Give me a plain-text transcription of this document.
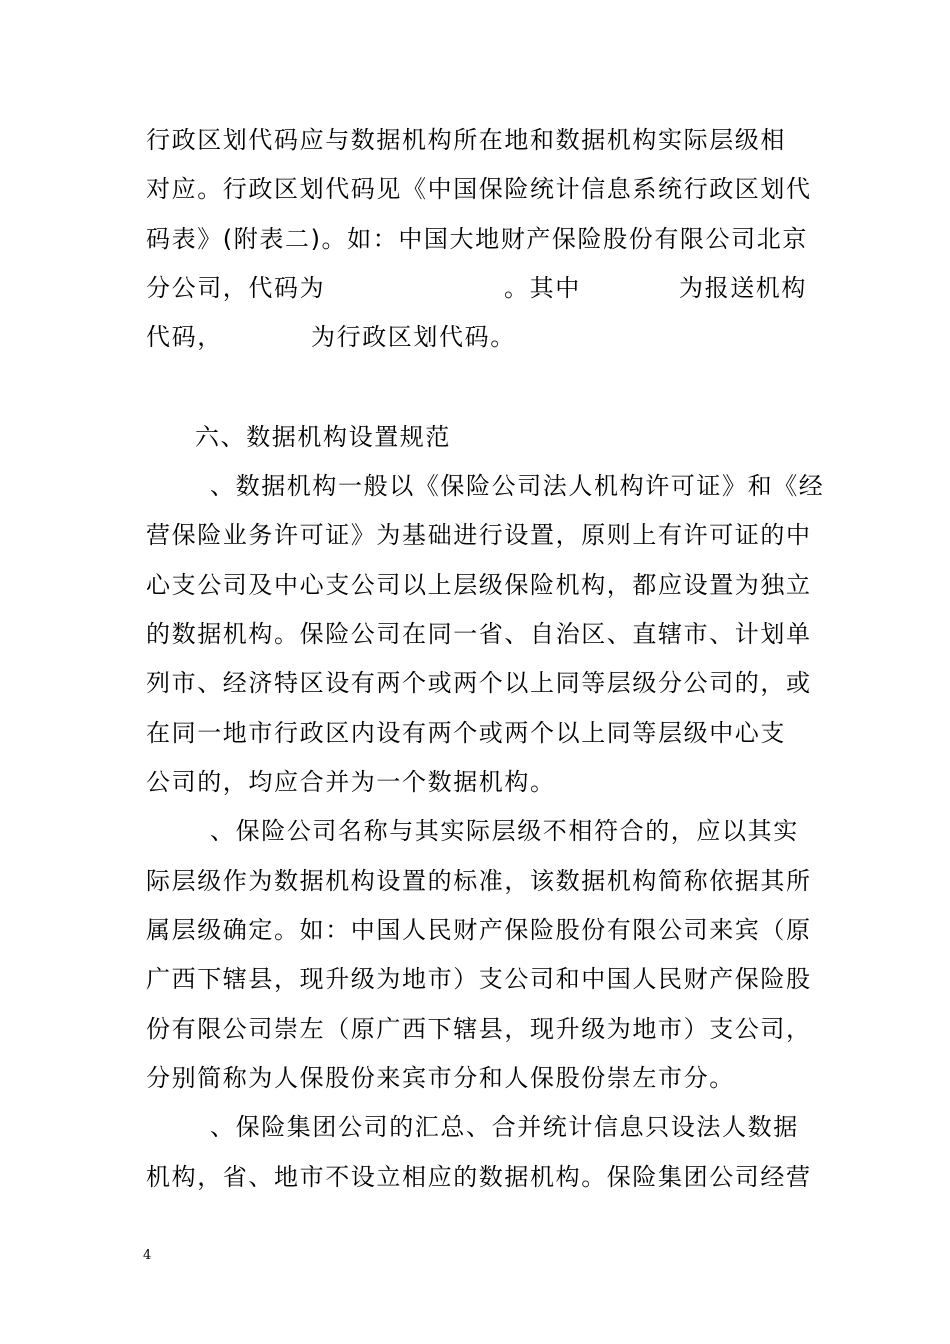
行政区划代码应与数据机构所在地和数据机构实际层级相
对应。行政区划代码见《中国保险统计信息系统行政区划代
码表》(附表二)。如：中国大地财产保险股份有限公司北京
分公司，代码为	。其中	为报送机构
代码，	为行政区划代码。
六、数据机构设置规范
、数据机构一般以《保险公司法人机构许可证》和《经
营保险业务许可证》为基础进行设置，原则上有许可证的中
心支公司及中心支公司以上层级保险机构，都应设置为独立
的数据机构。保险公司在同一省、自治区、直辖市、计划单
列市、经济特区设有两个或两个以上同等层级分公司的，或
在同一地市行政区内设有两个或两个以上同等层级中心支
公司的，均应合并为一个数据机构。
、保险公司名称与其实际层级不相符合的，应以其实
际层级作为数据机构设置的标准，该数据机构简称依据其所
属层级确定。如：中国人民财产保险股份有限公司来宾（原
广西下辖县，现升级为地市）支公司和中国人民财产保险股
份有限公司崇左（原广西下辖县，现升级为地市）支公司，
分别简称为人保股份来宾市分和人保股份崇左市分。
、保险集团公司的汇总、合并统计信息只设法人数据
机构，省、地市不设立相应的数据机构。保险集团公司经营
4
